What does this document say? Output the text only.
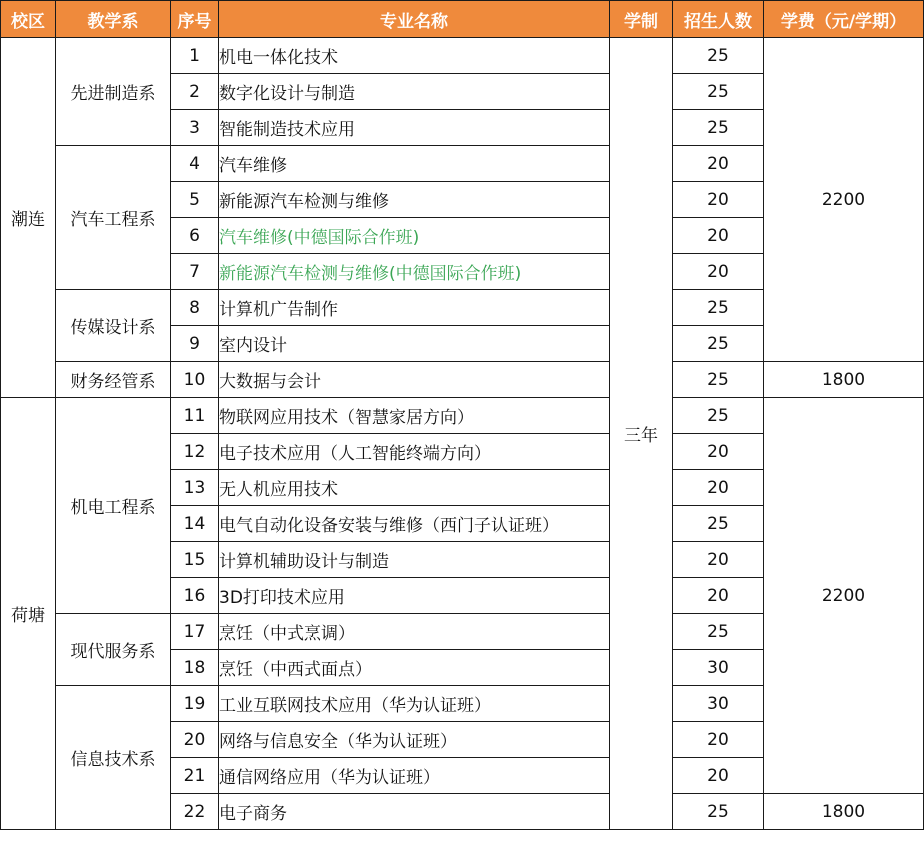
校区	教学系	序号	专业名称	学制	招生人数	学费（元/学期）
潮连	先进制造系	1	机电一体化技术	三年	25	2200
		2	数字化设计与制造		25	
		3	智能制造技术应用		25	
	汽车工程系	4	汽车维修		20	
		5	新能源汽车检测与维修		20	
		6	汽车维修(中德国际合作班)		20	
		7	新能源汽车检测与维修(中德国际合作班)		20	
	传媒设计系	8	计算机广告制作		25	
		9	室内设计		25	
	财务经管系	10	大数据与会计		25	1800
荷塘	机电工程系	11	物联网应用技术（智慧家居方向）		25	2200
		12	电子技术应用（人工智能终端方向）		20	
		13	无人机应用技术		20	
		14	电气自动化设备安装与维修（西门子认证班）		25	
		15	计算机辅助设计与制造		20	
		16	3D打印技术应用		20	
	现代服务系	17	烹饪（中式烹调）		25	
		18	烹饪（中西式面点）		30	
	信息技术系	19	工业互联网技术应用（华为认证班）		30	
		20	网络与信息安全（华为认证班）		20	
		21	通信网络应用（华为认证班）		20	
		22	电子商务		25	1800
